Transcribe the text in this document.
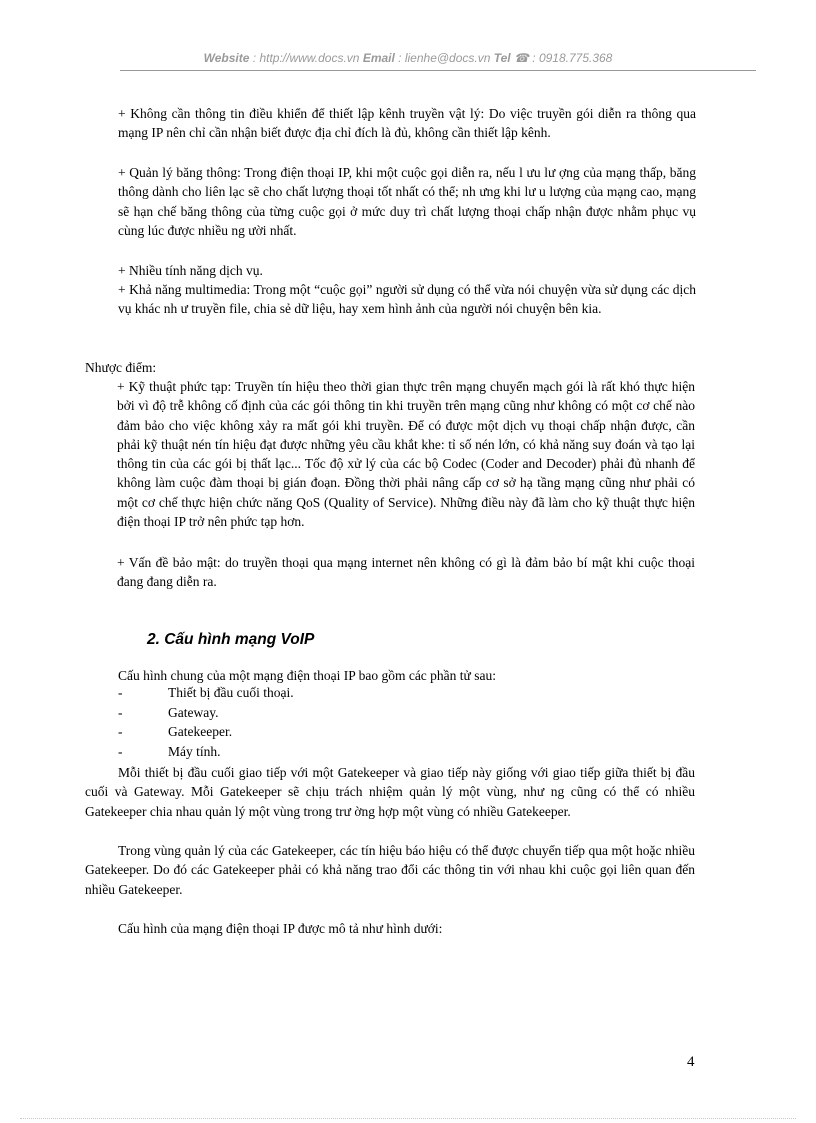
Website : http://www.docs.vn Email : lienhe@docs.vn Tel ☎ : 0918.775.368

+ Không cần thông tin điều khiển để thiết lập kênh truyền vật lý: Do việc truyền gói diễn ra thông qua mạng IP nên chỉ cần nhận biết được địa chỉ đích là đủ, không cần thiết lập kênh.

+ Quản lý băng thông: Trong điện thoại IP, khi một cuộc gọi diễn ra, nếu l ưu lư ợng của mạng thấp, băng thông dành cho liên lạc sẽ cho chất lượng thoại tốt nhất có thể; nh ưng khi lư u lượng của mạng cao, mạng sẽ hạn chế băng thông của từng cuộc gọi ở mức duy trì chất lượng thoại chấp nhận được nhằm phục vụ cùng lúc được nhiều ng ười nhất.

+ Nhiều tính năng dịch vụ.

+ Khả năng multimedia: Trong một “cuộc gọi” người sử dụng có thể vừa nói chuyện vừa sử dụng các dịch vụ khác nh ư truyền file, chia sẻ dữ liệu, hay xem hình ảnh của người nói chuyện bên kia.

Nhược điểm:

+ Kỹ thuật phức tạp: Truyền tín hiệu theo thời gian thực trên mạng chuyển mạch gói là rất khó thực hiện bởi vì độ trễ không cố định của các gói thông tin khi truyền trên mạng cũng như không có một cơ chế nào đảm bảo cho việc không xảy ra mất gói khi truyền. Để có được một dịch vụ thoại chấp nhận được, cần phải kỹ thuật nén tín hiệu đạt được những yêu cầu khắt khe: tỉ số nén lớn, có khả năng suy đoán và tạo lại thông tin của các gói bị thất lạc... Tốc độ xử lý của các bộ Codec (Coder and Decoder) phải đủ nhanh để không làm cuộc đàm thoại bị gián đoạn. Đồng thời phải nâng cấp cơ sở hạ tầng mạng cũng như phải có một cơ chế thực hiện chức năng QoS (Quality of Service). Những điều này đã làm cho kỹ thuật thực hiện điện thoại IP trở nên phức tạp hơn.

+ Vấn đề bảo mật: do truyền thoại qua mạng internet nên không có gì là đảm bảo bí mật khi cuộc thoại đang đang diễn ra.

2. Cấu hình mạng VoIP

Cấu hình chung của một mạng điện thoại IP bao gồm các phần tử sau:

-	Thiết bị đầu cuối thoại.
-	Gateway.
-	Gatekeeper.
-	Máy tính.

Mỗi thiết bị đầu cuối giao tiếp với một Gatekeeper và giao tiếp này giống với giao tiếp giữa thiết bị đầu cuối và Gateway. Mỗi Gatekeeper sẽ chịu trách nhiệm quản lý một vùng, như ng cũng có thể có nhiều Gatekeeper chia nhau quản lý một vùng trong trư ờng hợp một vùng có nhiều Gatekeeper.

Trong vùng quản lý của các Gatekeeper, các tín hiệu báo hiệu có thể được chuyển tiếp qua một hoặc nhiều Gatekeeper. Do đó các Gatekeeper phải có khả năng trao đổi các thông tin với nhau khi cuộc gọi liên quan đến nhiều Gatekeeper.

Cấu hình của mạng điện thoại IP được mô tả như hình dưới:

4
